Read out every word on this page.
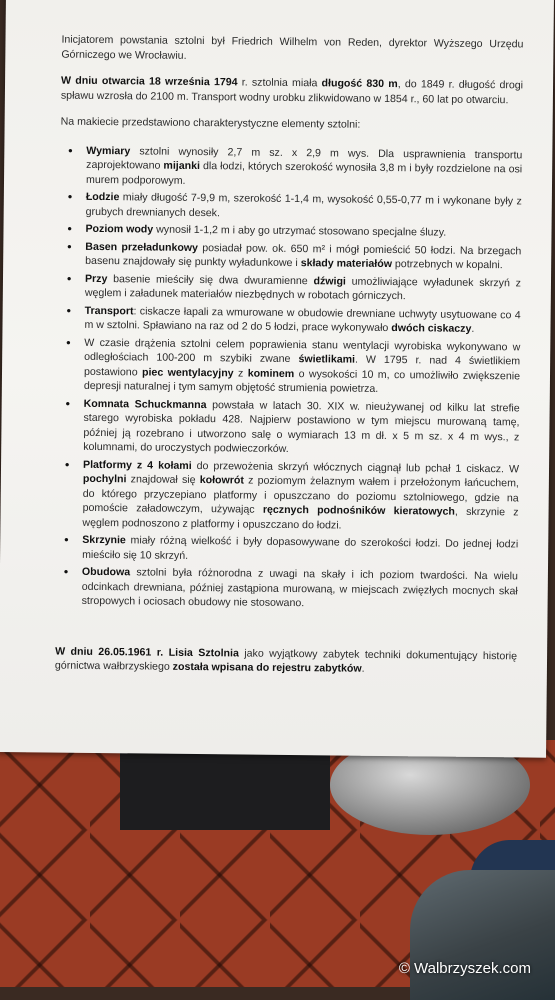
Inicjatorem powstania sztolni był Friedrich Wilhelm von Reden, dyrektor Wyższego Urzędu Górniczego we Wrocławiu.

W dniu otwarcia 18 września 1794 r. sztolnia miała długość 830 m, do 1849 r. długość drogi spławu wzrosła do 2100 m. Transport wodny urobku zlikwidowano w 1854 r., 60 lat po otwarciu.

Na makiecie przedstawiono charakterystyczne elementy sztolni:

• Wymiary sztolni wynosiły 2,7 m sz. x 2,9 m wys. Dla usprawnienia transportu zaprojektowano mijanki dla łodzi, których szerokość wynosiła 3,8 m i były rozdzielone na osi murem podporowym.
• Łodzie miały długość 7-9,9 m, szerokość 1-1,4 m, wysokość 0,55-0,77 m i wykonane były z grubych drewnianych desek.
• Poziom wody wynosił 1-1,2 m i aby go utrzymać stosowano specjalne śluzy.
• Basen przeładunkowy posiadał pow. ok. 650 m² i mógł pomieścić 50 łodzi. Na brzegach basenu znajdowały się punkty wyładunkowe i składy materiałów potrzebnych w kopalni.
• Przy basenie mieściły się dwa dwuramienne dźwigi umożliwiające wyładunek skrzyń z węglem i załadunek materiałów niezbędnych w robotach górniczych.
• Transport: ciskacze łapali za wmurowane w obudowie drewniane uchwyty usytuowane co 4 m w sztolni. Spławiano na raz od 2 do 5 łodzi, prace wykonywało dwóch ciskaczy.
• W czasie drążenia sztolni celem poprawienia stanu wentylacji wyrobiska wykonywano w odległościach 100-200 m szybiki zwane świetlikami. W 1795 r. nad 4 świetlikiem postawiono piec wentylacyjny z kominem o wysokości 10 m, co umożliwiło zwiększenie depresji naturalnej i tym samym objętość strumienia powietrza.
• Komnata Schuckmanna powstała w latach 30. XIX w. nieużywanej od kilku lat strefie starego wyrobiska pokładu 428. Najpierw postawiono w tym miejscu murowaną tamę, później ją rozebrano i utworzono salę o wymiarach 13 m dł. x 5 m sz. x 4 m wys., z kolumnami, do uroczystych podwieczorków.
• Platformy z 4 kołami do przewożenia skrzyń włócznych ciągnął lub pchał 1 ciskacz. W pochylni znajdował się kołowrót z poziomym żelaznym wałem i przełożonym łańcuchem, do którego przyczepiano platformy i opuszczano do poziomu sztolniowego, gdzie na pomoście załadowczym, używając ręcznych podnośników kieratowych, skrzynie z węglem podnoszono z platformy i opuszczano do łodzi.
• Skrzynie miały różną wielkość i były dopasowywane do szerokości łodzi. Do jednej łodzi mieściło się 10 skrzyń.
• Obudowa sztolni była różnorodna z uwagi na skały i ich poziom twardości. Na wielu odcinkach drewniana, później zastąpiona murowaną, w miejscach zwięzłych mocnych skał stropowych i ociosach obudowy nie stosowano.

W dniu 26.05.1961 r. Lisia Sztolnia jako wyjątkowy zabytek techniki dokumentujący historię górnictwa wałbrzyskiego została wpisana do rejestru zabytków.

© Walbrzyszek.com
